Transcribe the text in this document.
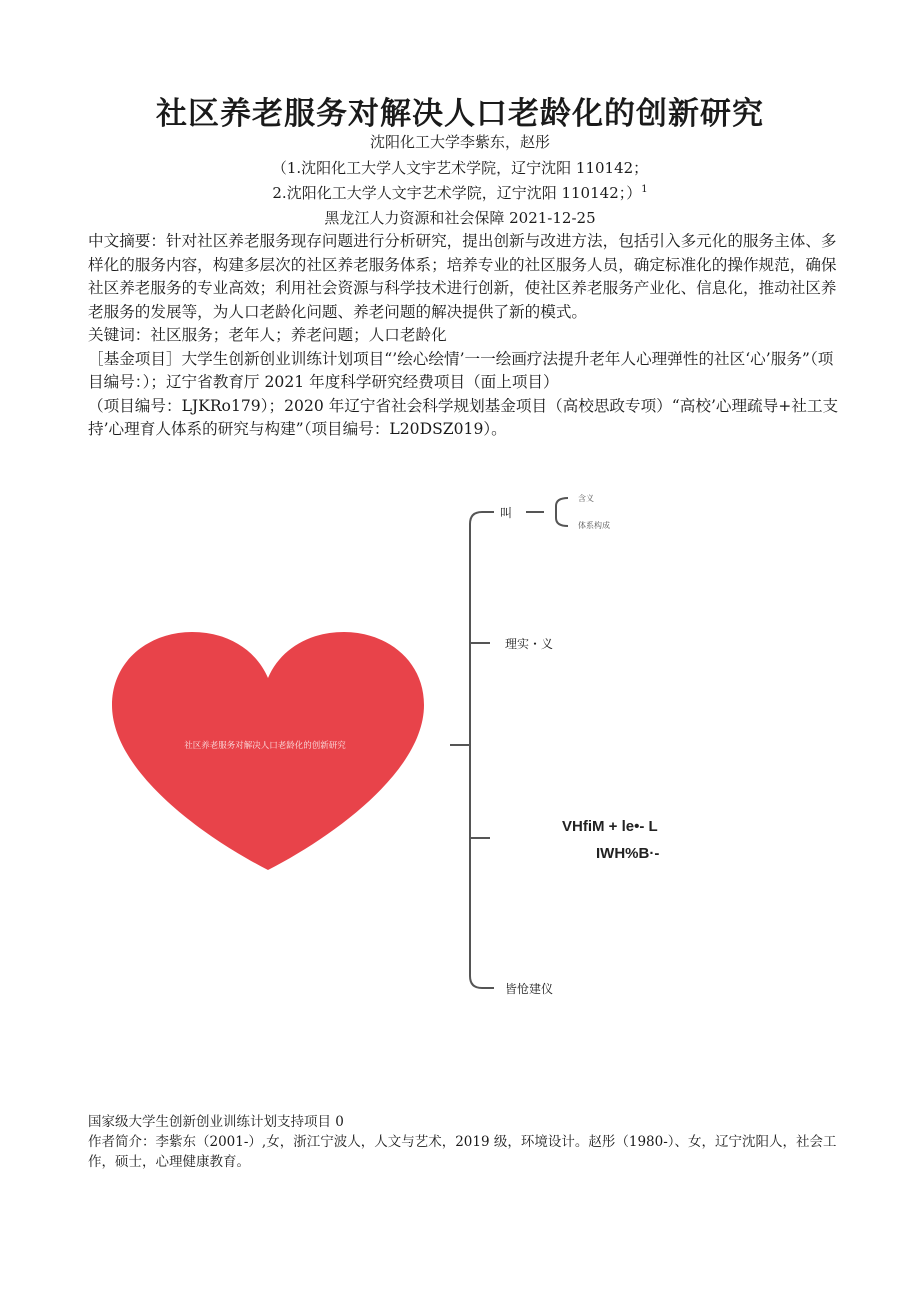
社区养老服务对解决人口老龄化的创新研究
沈阳化工大学李紫东，赵彤
（1.沈阳化工大学人文宇艺术学院，辽宁沈阳 110142；
2.沈阳化工大学人文宇艺术学院，辽宁沈阳 110142；）$^1$
黑龙江人力资源和社会保障 2021-12-25

中文摘要：针对社区养老服务现存问题进行分析研究，提出创新与改进方法，包括引入多元化的服务主体、多样化的服务内容，构建多层次的社区养老服务体系；培养专业的社区服务人员，确定标准化的操作规范，确保社区养老服务的专业高效；利用社会资源与科学技术进行创新，使社区养老服务产业化、信息化，推动社区养老服务的发展等，为人口老龄化问题、养老问题的解决提供了新的模式。

关键词：社区服务；老年人；养老问题；人口老龄化

［基金项目］大学生创新创业训练计划项目“’绘心绘情’一一绘画疗法提升老年人心理弹性的社区‘心’服务”（项目编号：）；辽宁省教育厅 2021 年度科学研究经费项目（面上项目）

（项目编号：LJKRo179）；2020 年辽宁省社会科学规划基金项目（高校思政专项）“高校’心理疏导+社工支持’心理育人体系的研究与构建”（项目编号：L20DSZ019）。

社区养老服务对解决人口老龄化的创新研究
叫
含义
体系构成
理实・义
VHfiM + le•- L
IWH%B·-
皆怆建仪

国家级大学生创新创业训练计划支持项目 0

作者简介：李紫东（2001-）,女，浙江宁波人，人文与艺术，2019 级，环境设计。赵彤（1980-）、女，辽宁沈阳人，社会工作，硕士，心理健康教育。
